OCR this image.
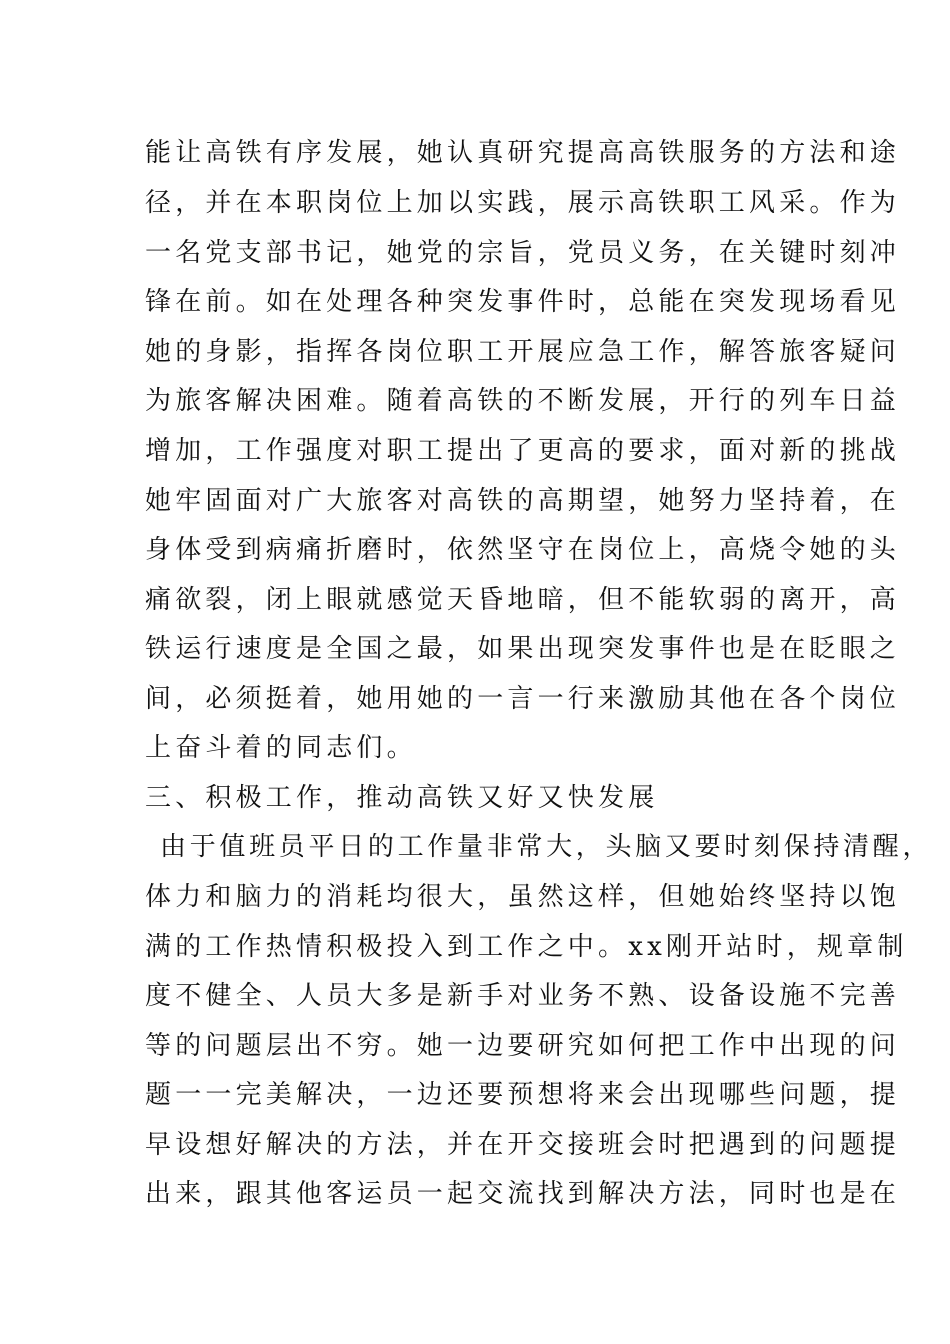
能让高铁有序发展，她认真研究提高高铁服务的方法和途
径，并在本职岗位上加以实践，展示高铁职工风采。作为
一名党支部书记，她党的宗旨，党员义务，在关键时刻冲
锋在前。如在处理各种突发事件时，总能在突发现场看见
她的身影，指挥各岗位职工开展应急工作，解答旅客疑问
为旅客解决困难。随着高铁的不断发展，开行的列车日益
增加，工作强度对职工提出了更高的要求，面对新的挑战
她牢固面对广大旅客对高铁的高期望，她努力坚持着，在
身体受到病痛折磨时，依然坚守在岗位上，高烧令她的头
痛欲裂，闭上眼就感觉天昏地暗，但不能软弱的离开，高
铁运行速度是全国之最，如果出现突发事件也是在眨眼之
间，必须挺着，她用她的一言一行来激励其他在各个岗位
上奋斗着的同志们。
三、积极工作，推动高铁又好又快发展
由于值班员平日的工作量非常大，头脑又要时刻保持清醒，
体力和脑力的消耗均很大，虽然这样，但她始终坚持以饱
满的工作热情积极投入到工作之中。xx刚开站时，规章制
度不健全、人员大多是新手对业务不熟、设备设施不完善
等的问题层出不穷。她一边要研究如何把工作中出现的问
题一一完美解决，一边还要预想将来会出现哪些问题，提
早设想好解决的方法，并在开交接班会时把遇到的问题提
出来，跟其他客运员一起交流找到解决方法，同时也是在
